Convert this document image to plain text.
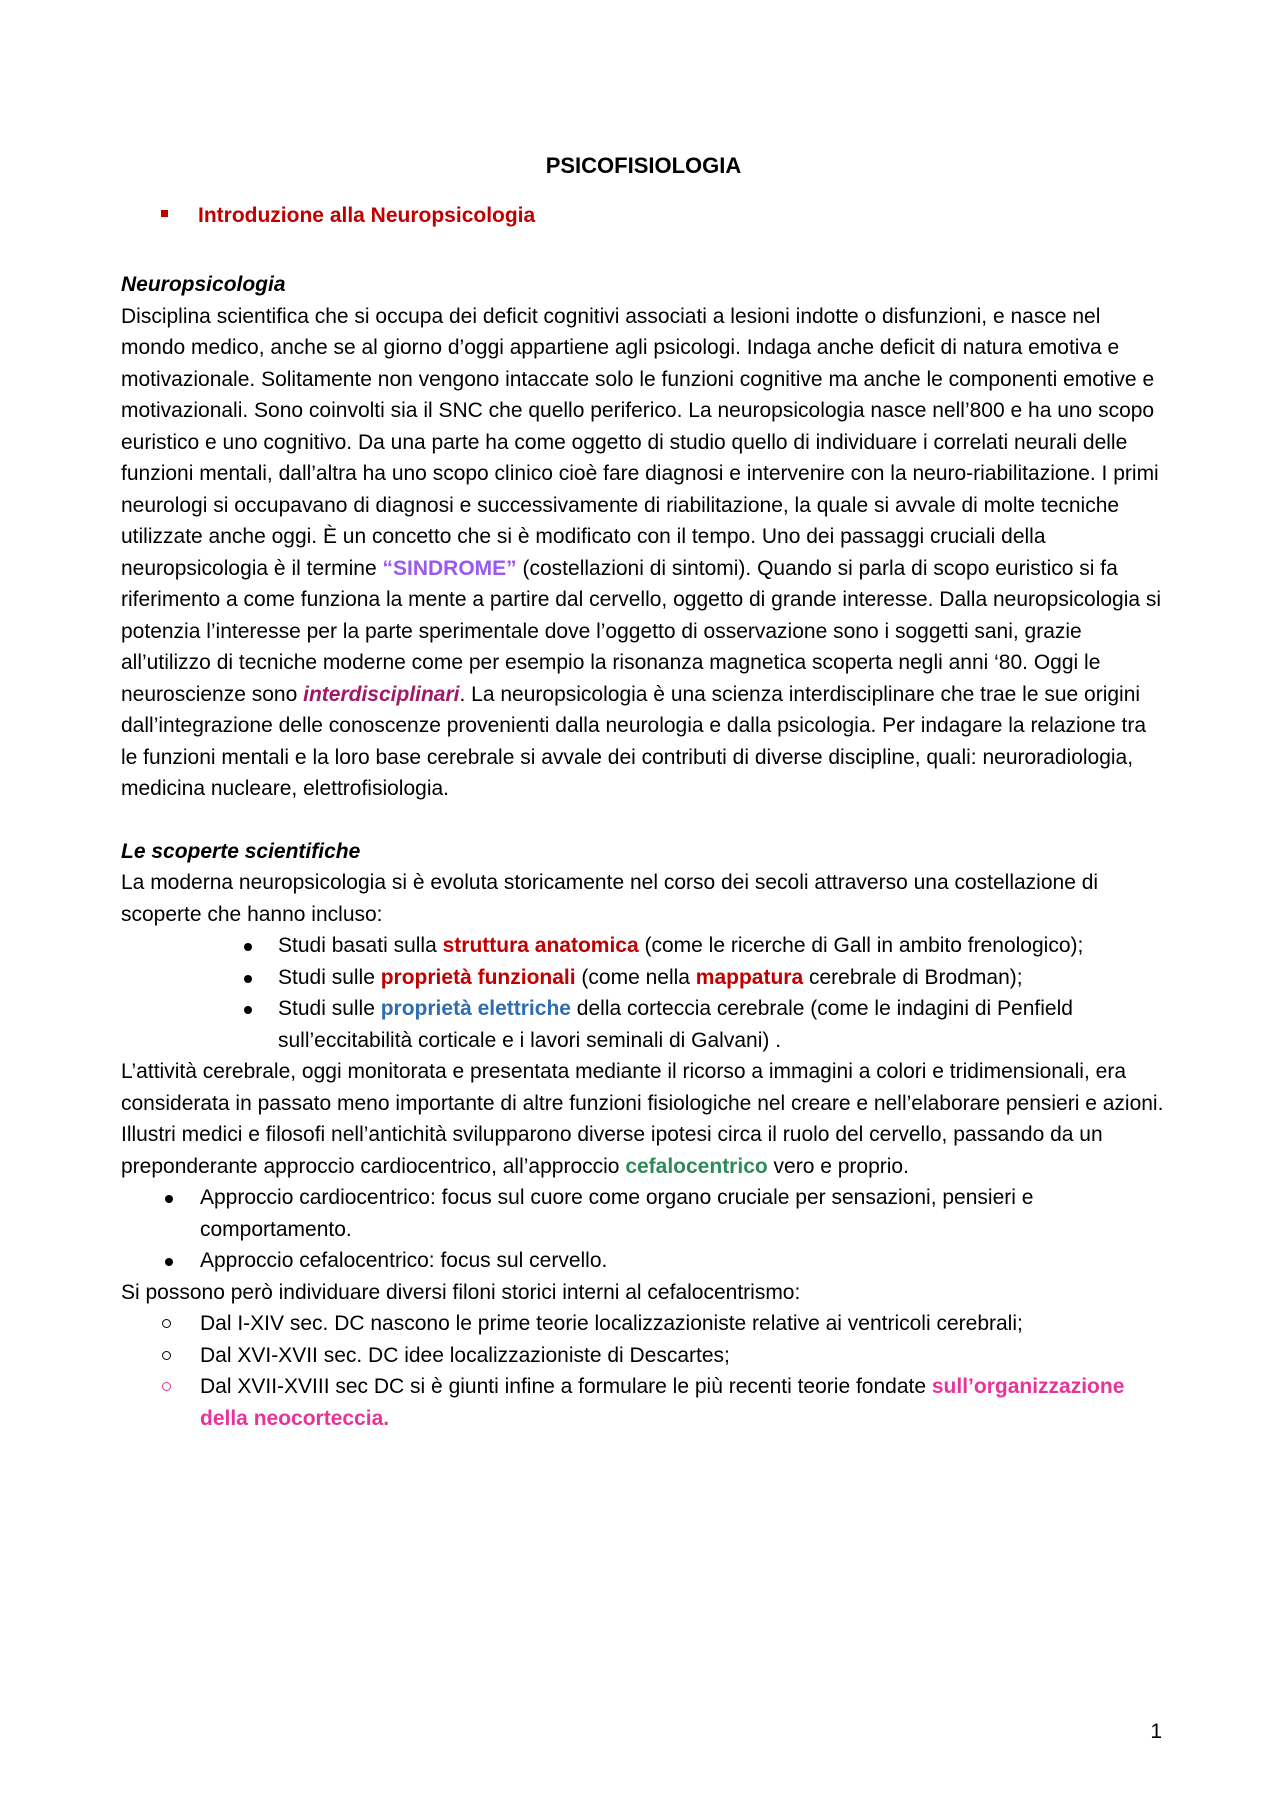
PSICOFISIOLOGIA
Introduzione alla Neuropsicologia

Neuropsicologia

Disciplina scientifica che si occupa dei deficit cognitivi associati a lesioni indotte o disfunzioni, e nasce nel mondo medico, anche se al giorno d’oggi appartiene agli psicologi. Indaga anche deficit di natura emotiva e motivazionale. Solitamente non vengono intaccate solo le funzioni cognitive ma anche le componenti emotive e motivazionali. Sono coinvolti sia il SNC che quello periferico. La neuropsicologia nasce nell’800 e ha uno scopo euristico e uno cognitivo. Da una parte ha come oggetto di studio quello di individuare i correlati neurali delle funzioni mentali, dall’altra ha uno scopo clinico cioè fare diagnosi e intervenire con la neuro-riabilitazione. I primi neurologi si occupavano di diagnosi e successivamente di riabilitazione, la quale si avvale di molte tecniche utilizzate anche oggi. È un concetto che si è modificato con il tempo. Uno dei passaggi cruciali della neuropsicologia è il termine “SINDROME” (costellazioni di sintomi). Quando si parla di scopo euristico si fa riferimento a come funziona la mente a partire dal cervello, oggetto di grande interesse. Dalla neuropsicologia si potenzia l’interesse per la parte sperimentale dove l’oggetto di osservazione sono i soggetti sani, grazie all’utilizzo di tecniche moderne come per esempio la risonanza magnetica scoperta negli anni ‘80. Oggi le neuroscienze sono interdisciplinari. La neuropsicologia è una scienza interdisciplinare che trae le sue origini dall’integrazione delle conoscenze provenienti dalla neurologia e dalla psicologia. Per indagare la relazione tra le funzioni mentali e la loro base cerebrale si avvale dei contributi di diverse discipline, quali: neuroradiologia, medicina nucleare, elettrofisiologia.

Le scoperte scientifiche

La moderna neuropsicologia si è evoluta storicamente nel corso dei secoli attraverso una costellazione di scoperte che hanno incluso:

Studi basati sulla struttura anatomica (come le ricerche di Gall in ambito frenologico);
Studi sulle proprietà funzionali (come nella mappatura cerebrale di Brodman);
Studi sulle proprietà elettriche della corteccia cerebrale (come le indagini di Penfield sull’eccitabilità corticale e i lavori seminali di Galvani) .

L’attività cerebrale, oggi monitorata e presentata mediante il ricorso a immagini a colori e tridimensionali, era considerata in passato meno importante di altre funzioni fisiologiche nel creare e nell’elaborare pensieri e azioni. Illustri medici e filosofi nell’antichità svilupparono diverse ipotesi circa il ruolo del cervello, passando da un preponderante approccio cardiocentrico, all’approccio cefalocentrico vero e proprio.

Approccio cardiocentrico: focus sul cuore come organo cruciale per sensazioni, pensieri e comportamento.
Approccio cefalocentrico: focus sul cervello.

Si possono però individuare diversi filoni storici interni al cefalocentrismo:

Dal I-XIV sec. DC nascono le prime teorie localizzazioniste relative ai ventricoli cerebrali;
Dal XVI-XVII sec. DC idee localizzazioniste di Descartes;
Dal XVII-XVIII sec DC si è giunti infine a formulare le più recenti teorie fondate sull’organizzazione della neocorteccia.
1
